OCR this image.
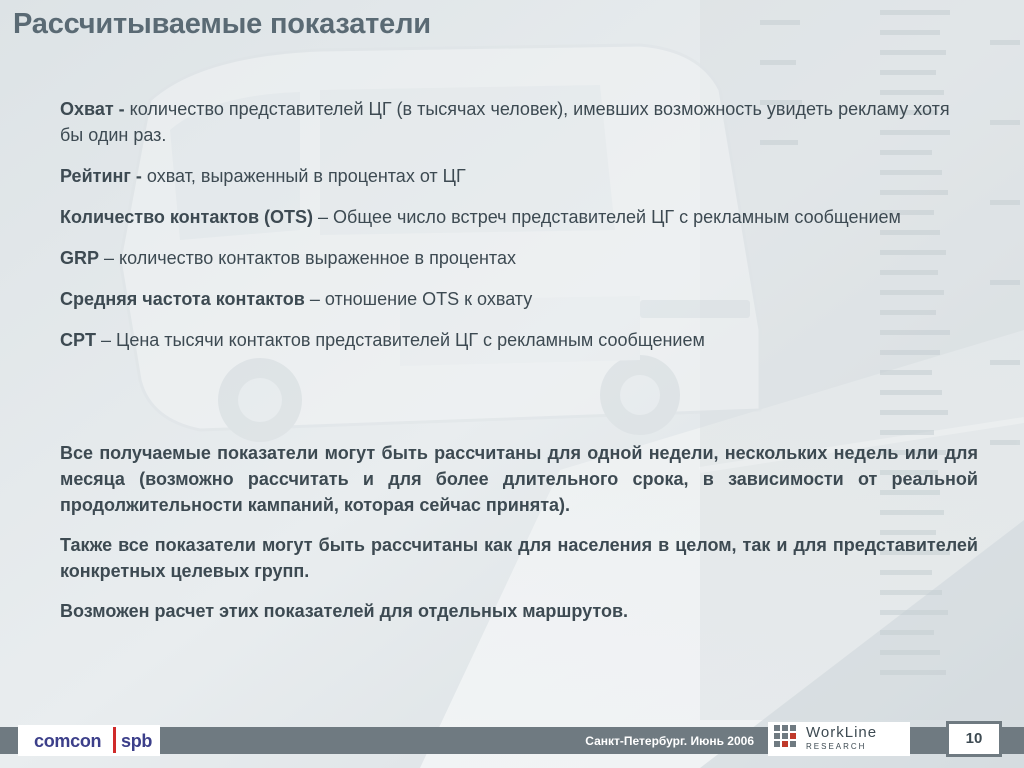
Рассчитываемые показатели

Охват - количество представителей ЦГ (в тысячах человек), имевших возможность увидеть рекламу хотя бы один раз.

Рейтинг - охват, выраженный в процентах от ЦГ

Количество контактов (OTS) – Общее число встреч представителей ЦГ с рекламным сообщением

GRP – количество контактов выраженное в процентах

Средняя частота контактов – отношение OTS к охвату

CPT – Цена тысячи контактов представителей ЦГ с рекламным сообщением

Все получаемые показатели могут быть рассчитаны для одной недели, нескольких недель или для месяца (возможно рассчитать и для более длительного срока, в зависимости от реальной продолжительности кампаний, которая сейчас принята).

Также все показатели могут быть рассчитаны как для населения в целом, так и для представителей конкретных целевых групп.

Возможен расчет этих показателей для отдельных маршрутов.

comcon spb	Санкт-Петербург. Июнь 2006	WorkLine
RESEARCH	10
